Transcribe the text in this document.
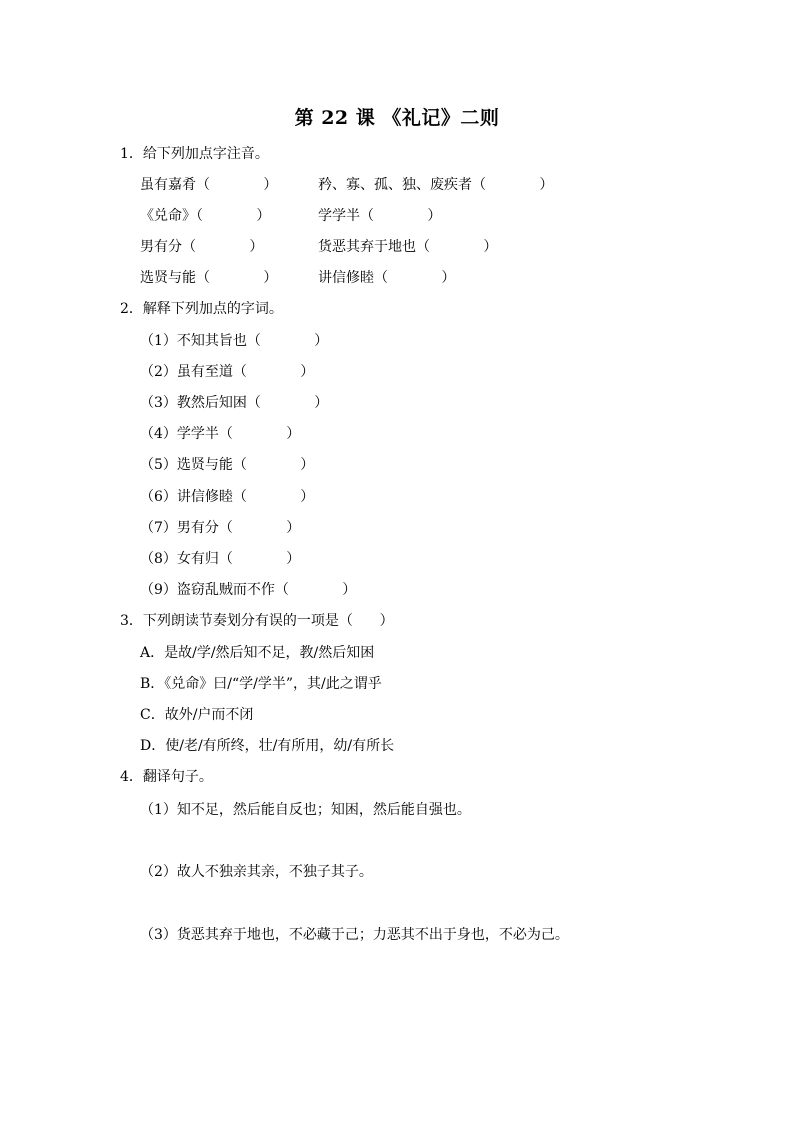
第 22 课 《礼记》二则
1．给下列加点字注音。
虽有嘉肴（            ）	矜、寡、孤、独、废疾者（            ）
《兑命》（            ）	学学半（            ）
男有分（            ）	货恶其弃于地也（            ）
选贤与能（            ）	讲信修睦（            ）
2．解释下列加点的字词。
（1）不知其旨也（            ）
（2）虽有至道（            ）
（3）教然后知困（            ）
（4）学学半（            ）
（5）选贤与能（            ）
（6）讲信修睦（            ）
（7）男有分（            ）
（8）女有归（            ）
（9）盗窃乱贼而不作（            ）
3．下列朗读节奏划分有误的一项是（      ）
A．是故/学/然后知不足，教/然后知困
B．《兑命》曰/“学/学半”，其/此之谓乎
C．故外/户而不闭
D．使/老/有所终，壮/有所用，幼/有所长
4．翻译句子。
（1）知不足，然后能自反也；知困，然后能自强也。
（2）故人不独亲其亲，不独子其子。
（3）货恶其弃于地也，不必藏于己；力恶其不出于身也，不必为己。
